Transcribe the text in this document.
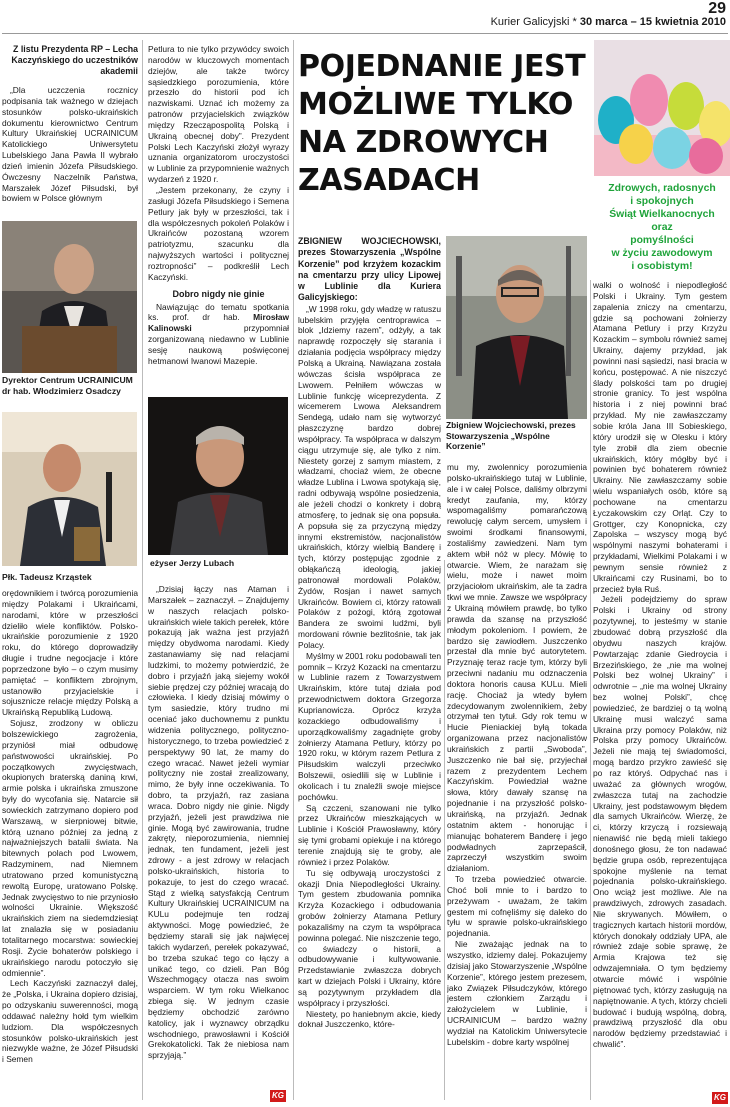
29
Kurier Galicyjski * 30 marca – 15 kwietnia 2010
Z listu Prezydenta RP – Lecha Kaczyńskiego do uczestników akademii

„Dla uczczenia rocznicy podpisania tak ważnego w dziejach stosunków polsko-ukraińskich dokumentu kierownictwo Centrum Kultury Ukraińskiej UCRAINICUM Katolickiego Uniwersytetu Lubelskiego Jana Pawła II wybrało dzień imienin Józefa Piłsudskiego. Ówczesny Naczelnik Państwa, Marszałek Józef Piłsudski, był bowiem w Polsce głównym

Dyrektor Centrum UCRAINICUM dr hab. Włodzimierz Osadczy
Płk. Tadeusz Krząstek

orędownikiem i twórcą porozumienia między Polakami i Ukraińcami, narodami, które w przeszłości dzieliło wiele konfliktów. Polsko-ukraińskie porozumienie z 1920 roku, do którego doprowadziły długie i trudne negocjacje i które poprzedzone było – o czym musimy pamiętać – konfliktem zbrojnym, ustanowiło przyjacielskie i sojusznicze relacje między Polską a Ukraińską Republiką Ludową.

Sojusz, zrodzony w obliczu bolszewickiego zagrożenia, przyniósł miał odbudowę państwowości ukraińskiej. Po początkowych zwycięstwach, okupionych braterską daniną krwi, armie polska i ukraińska zmuszone były do wycofania się. Natarcie sił sowieckich zatrzymano dopiero pod Warszawą, w sierpniowej bitwie, którą uznano później za jedną z najważniejszych batalii świata. Na bitewnych polach pod Lwowem, Radzyminem, nad Niemnem utratowano przed komunistyczną rewoltą Europę, uratowano Polskę. Jednak zwycięstwo to nie przyniosło wolności Ukrainie. Większość ukraińskich ziem na siedemdziesiąt lat znalazła się w posiadaniu totalitarnego mocarstwa: sowieckiej Rosji. Życie bohaterów polskiego i ukraińskiego narodu potoczyło się odmiennie”.

Lech Kaczyński zaznaczył dalej, że „Polska, i Ukraina dopiero dzisiaj, po odzyskaniu suwerenności, mogą oddawać należny hołd tym wielkim ludziom. Dla współczesnych stosunków polsko-ukraińskich jest niezwykle ważne, że Józef Piłsudski i Semen

Petlura to nie tylko przywódcy swoich narodów w kluczowych momentach dziejów, ale także twórcy sąsiedzkiego porozumienia, które przeszło do historii pod ich nazwiskami. Uznać ich możemy za patronów przyjacielskich związków między Rzecząpospolitą Polską i Ukrainą obecnej doby”. Prezydent Polski Lech Kaczyński złożył wyrazy uznania organizatorom uroczystości w Lublinie za przypomnienie ważnych wydarzeń z 1920 r.

„Jestem przekonany, że czyny i zasługi Józefa Piłsudskiego i Semena Petlury jak były w przeszłości, tak i dla współczesnych pokoleń Polaków i Ukraińców pozostaną wzorem patriotyzmu, szacunku dla najwyższych wartości i politycznej roztropności” – podkreślił Lech Kaczyński.

Dobro nigdy nie ginie

Nawiązując do tematu spotkania ks. prof. dr hab. Mirosław Kalinowski przypomniał zorganizowaną niedawno w Lublinie sesję naukową poświęconej hetmanowi Iwanowi Mazepie.

eżyser Jerzy Lubach

„Dzisiaj łączy nas Ataman i Marszałek – zaznaczył. – Znajdujemy w naszych relacjach polsko-ukraińskich wiele takich perełek, które pokazują jak ważna jest przyjaźń między obydwoma narodami. Kiedy zastanawiamy się nad relacjami ludzkimi, to możemy potwierdzić, że dobro i przyjaźń jaką siejemy wokół siebie prędzej czy później wracają do człowieka. I kiedy dzisiaj mówimy o tym sasiedzie, który trudno mi oceniać jako duchownemu z punktu widzenia politycznego, polityczno-historycznego, to trzeba powiedzieć z perspektywy 90 lat, że mamy do czego wracać. Nawet jeżeli wymiar polityczny nie został zrealizowany, mimo, że były inne oczekiwania. To dobro, ta przyjaźń, raz zasiana wraca. Dobro nigdy nie ginie. Nigdy przyjaźń, jeżeli jest prawdziwa nie ginie. Mogą być zawirowania, trudne zakręty, nieporozumienia, niemniej jednak, ten fundament, jeżeli jest zdrowy - a jest zdrowy w relacjach polsko-ukraińskich, historia to pokazuje, to jest do czego wracać. Stąd z wielką satysfakcją Centrum Kultury Ukraińskiej UCRAINICUM na KULu podejmuje ten rodzaj aktywności. Mogę powiedzieć, że będziemy starali się jak najwięcej takich wydarzeń, perełek pokazywać, bo trzeba szukać tego co łączy a unikać tego, co dzieli. Pan Bóg Wszechmogący otacza nas swoim wsparciem. W tym roku Wielkanoc zbiega się. W jednym czasie będziemy obchodzić zarówno katolicy, jak i wyznawcy obrządku wschodniego, prawosławni i Kościół Grekokatolicki. Tak że niebiosa nam sprzyjają.”

POJEDNANIE JEST
MOŻLIWE TYLKO
NA ZDROWYCH
ZASADACH	Zdrowych, radosnych
i spokojnych
Świąt Wielkanocnych
oraz
pomyślności
w życiu zawodowym
i osobistym!

ZBIGNIEW WOJCIECHOWSKI, prezes Stowarzyszenia „Wspólne Korzenie” pod krzyżem kozackim na cmentarzu przy ulicy Lipowej w Lublinie dla Kuriera Galicyjskiego:

„W 1998 roku, gdy władzę w ratuszu lubelskim przyjęła centroprawica – blok „Idziemy razem”, odżyły, a tak naprawdę rozpoczęły się starania i działania podjęcia współpracy między Polską a Ukrainą. Nawiązana została wówczas ścisła współpraca ze Lwowem. Pełniłem wówczas w Lublinie funkcję wiceprezydenta. Z wicemerem Lwowa Aleksandrem Sendegą, udało nam się wytworzyć płaszczyznę bardzo dobrej współpracy. Ta współpraca w dalszym ciągu utrzymuje się, ale tylko z nim. Niestety gorzej z samym miastem, z władzami, chociaż wiem, że obecne władze Lublina i Lwowa spotykają się, radni odbywają wspólne posiedzenia, ale jeżeli chodzi o konkrety i dobrą atmosferę, to jednak się ona popsuła. A popsuła się za przyczyną między innymi ekstremistów, nacjonalistów ukraińskich, którzy wielbią Banderę i tych, którzy postępując zgodnie z obłąkańczą ideologią, jakiej patronował mordowali Polaków, Żydów, Rosjan i nawet samych Ukraińców. Bowiem ci, którzy ratowali Polaków z pożogi, którą zgotował Bandera ze swoimi ludźmi, byli mordowani równie bezlitośnie, tak jak Polacy.

Myślmy w 2001 roku podobawali ten pomnik – Krzyż Kozacki na cmentarzu w Lublinie razem z Towarzystwem Ukraińskim, które tutaj działa pod przewodnictwem doktora Grzegorza Kuprianowicza. Oprócz krzyża kozackiego odbudowaliśmy i uporządkowaliśmy zagadnięte groby żołnierzy Atamana Petlury, którzy po 1920 roku, w którym razem Petlura z Piłsudskim walczyli przeciwko Bolszewii, osiedlili się w Lublinie i okolicach i tu znaleźli swoje miejsce pochówku.

Są czczeni, szanowani nie tylko przez Ukraińców mieszkających w Lublinie i Kościół Prawosławny, który się tymi grobami opiekuje i na którego terenie znajdują się te groby, ale również i przez Polaków.

Tu się odbywają uroczystości z okazji Dnia Niepodległości Ukrainy. Tym gestem zbudowania pomnika Krzyża Kozackiego i odbudowania grobów żołnierzy Atamana Petlury pokazaliśmy na czym ta współpraca powinna polegać. Nie niszczenie tego, co świadczy o historii, a odbudowywanie i kultywowanie. Przedstawianie zwłaszcza dobrych kart w dziejach Polski i Ukrainy, które są pozytywnym przykładem dla współpracy i przyszłości.

Niestety, po haniebnym akcie, kiedy doknał Juszczenko, które-

Zbigniew Wojciechowski, prezes Stowarzyszenia „Wspólne Korzenie”

mu my, zwolennicy porozumienia polsko-ukraińskiego tutaj w Lublinie, ale i w całej Polsce, daliśmy olbrzymi kredyt zaufania, my, którzy wspomagaliśmy pomarańczową rewolucję całym sercem, umysłem i swoimi środkami finansowymi, zostaliśmy zawiedzeni. Nam tym aktem wbił nóż w plecy. Mówię to otwarcie. Wiem, że narażam się wielu, może i nawet moim przyjaciołom ukraińskim, ale ta zadra tkwi we mnie. Zawsze we współpracy z Ukrainą mówiłem prawdę, bo tylko prawda da szansę na przyszłość młodym pokoleniom. I powiem, że bardzo się zawiodłem. Juszczenko przestał dla mnie być autorytetem. Przyznaję teraz racje tym, którzy byli przeciwni nadaniu mu odznaczenia doktora honoris causa KULu. Mieli rację. Chociaż ja wtedy byłem zdecydowanym zwolennikiem, żeby otrzymał ten tytuł. Gdy rok temu w Hucie Pieniackiej byłą tokada organizowana przez nacjonalistów ukraińskich z partii „Swoboda”, Juszczenko nie bał się, przyjechał razem z prezydentem Lechem Kaczyńskim. Powiedział ważne słowa, który dawały szansę na pojednanie i na przyszłość polsko-ukraińską, na przyjaźń. Jednak ostatnim aktem - honorując i mianując bohaterem Banderę i jego podwładnych zaprzepaścił, zaprzeczył wszystkim swoim działaniom.

To trzeba powiedzieć otwarcie. Choć boli mnie to i bardzo to przeżywam - uważam, że takim gestem mi cofnęliśmy się daleko do tyłu w sprawie polsko-ukraińskiego pojednania.

Nie zważając jednak na to wszystko, idziemy dalej. Pokazujemy dzisiaj jako Stowarzyszenie „Wspólne Korzenie”, którego jestem prezesem, jako Związek Piłsudczyków, którego jestem członkiem Zarządu i założycielem w Lublinie, i UCRAINICUM – bardzo ważny wydział na Katolickim Uniwersytecie Lubelskim - dobre karty wspólnej

walki o wolność i niepodległość Polski i Ukrainy. Tym gestem zapalenia zniczy na cmentarzu, gdzie są pochowani żołnierzy Atamana Petlury i przy Krzyżu Kozackim – symbolu również samej Ukrainy, dajemy przykład, jak powinni nasi sąsiedzi, nasi bracia w końcu, postępować. A nie niszczyć ślady polskości tam po drugiej stronie granicy. To jest wspólna historia i z niej powinni brać przykład. My nie zawłaszczamy sobie króla Jana III Sobieskiego, który urodził się w Olesku i który tyle zrobił dla ziem obecnie ukraińskich, który mógłby być i powinien być bohaterem również Ukrainy. Nie zawłaszczamy sobie wielu wspaniałych osób, które są pochowane na cmentarzu Łyczakowskim czy Orląt. Czy to Grottger, czy Konopnicka, czy Zapolska – wszyscy mogą być wspólnymi naszymi bohaterami i przykładami, Wielkimi Polakami i w pewnym sensie również z Ukraińcami czy Rusinami, bo to przecież była Ruś.

Jeżeli podejdziemy do spraw Polski i Ukrainy od strony pozytywnej, to jesteśmy w stanie zbudować dobrą przyszłość dla obydwu naszych krajów. Powtarzając zdanie Giedroycia i Brzezińskiego, że „nie ma wolnej Polski bez wolnej Ukrainy” i odwrotnie – „nie ma wolnej Ukrainy bez wolnej Polski”, chcę powiedzieć, że bardziej o tą wolną Ukrainę musi walczyć sama Ukraina przy pomocy Polaków, niż Polska przy pomocy Ukraińców. Jeżeli nie mają tej świadomości, mogą bardzo przykro zawieść się po raz któryś. Odpychać nas i uważać za głównych wrogów, zwłaszcza tutaj na zachodzie Ukrainy, jest podstawowym błędem dla samych Ukraińców. Wierzę, że ci, którzy krzyczą i rozsiewają nienawiść nie będą mieli takiego donośnego głosu, że ton nadawać będzie grupa osób, reprezentująca spokojne myślenie na temat pojednania polsko-ukraińskiego. Ono wciąż jest możliwe. Ale na prawdziwych, zdrowych zasadach. Nie skrywanych. Mówiłem, o tragicznych kartach historii mordów, których donokały oddziały UPA, ale również zdaje sobie sprawę, że Armia Krajowa też się odwzajemniała. O tym będziemy otwarcie mówić i wspólnie piętnować tych, którzy zasługują na napiętnowanie. A tych, którzy chcieli budować i budują wspólną, dobrą, prawdziwą przyszłość dla obu narodów będziemy przedstawiać i chwalić”.

KG	KG
